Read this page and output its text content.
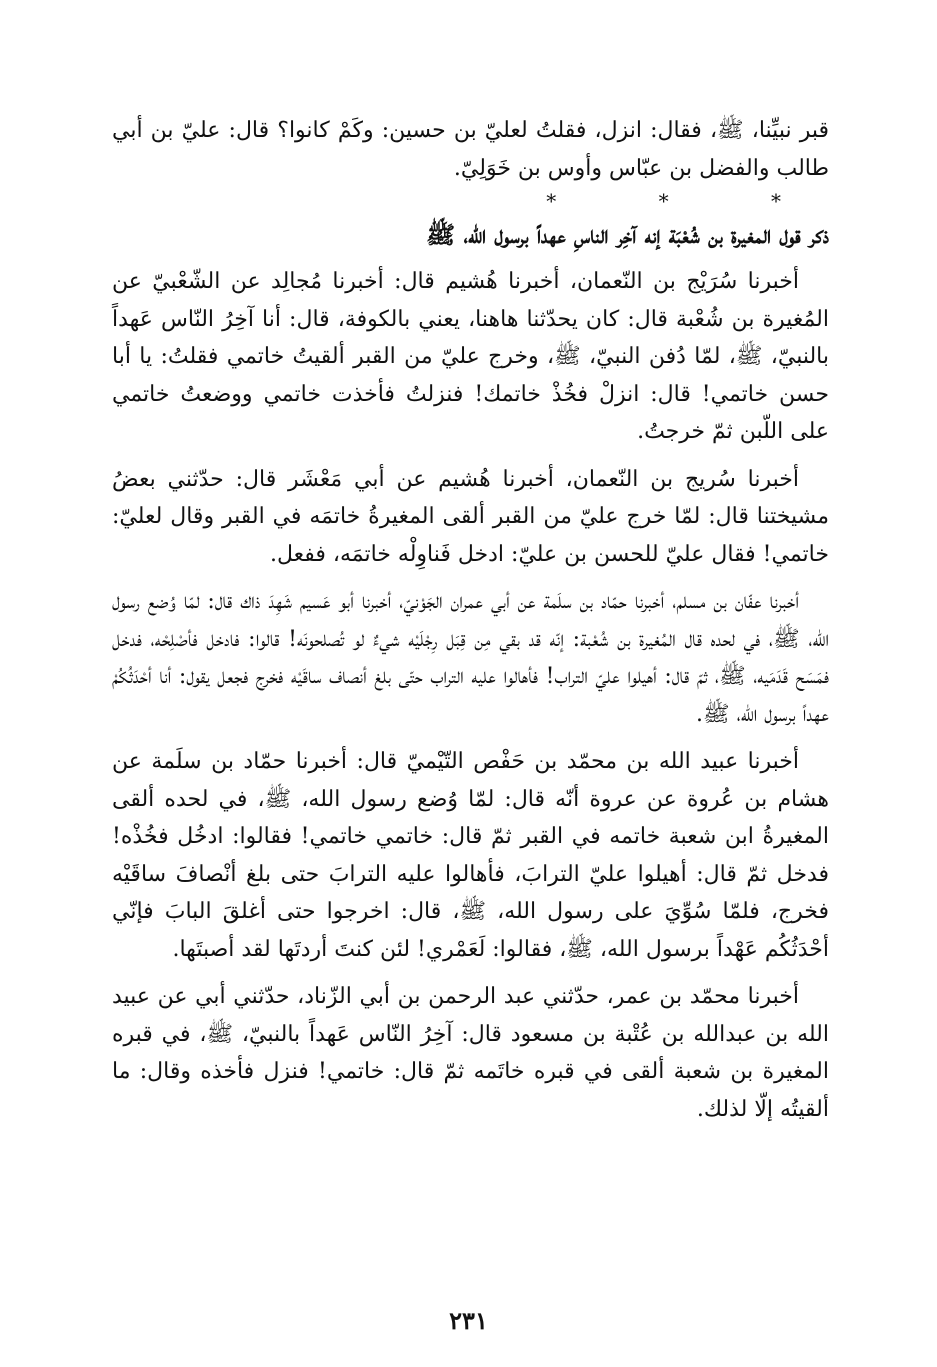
قبر نبيِّنا، ﷺ، فقال: انزل، فقلتُ لعليّ بن حسين: وكَمْ كانوا؟ قال: عليّ بن أبي طالب والفضل بن عبّاس وأوس بن خَوَلِيّ.

* * *

ذكر قول المغيرة بن شُعْبَة إنه آخِر الناسِ عهداً برسول الله، ﷺ

أخبرنا سُرَيْج بن النّعمان، أخبرنا هُشيم قال: أخبرنا مُجالِد عن الشّعْبيّ عن المُغيرة بن شُعْبة قال: كان يحدّثنا هاهنا، يعني بالكوفة، قال: أنا آخِرُ النّاس عَهداً بالنبيّ، ﷺ، لمّا دُفن النبيّ، ﷺ، وخرج عليّ من القبر ألقيتُ خاتمي فقلتُ: يا أبا حسن خاتمي! قال: انزلْ فخُذْ خاتمك! فنزلتُ فأخذت خاتمي ووضعتُ خاتمي على اللّبن ثمّ خرجتُ.

أخبرنا سُريج بن النّعمان، أخبرنا هُشيم عن أبي مَعْشَر قال: حدّثني بعضُ مشيختنا قال: لمّا خرج عليّ من القبر ألقى المغيرةُ خاتمَه في القبر وقال لعليّ: خاتمي! فقال عليّ للحسن بن عليّ: ادخل فَناوِلْه خاتمَه، ففعل.

أخبرنا عفّان بن مسلم، أخبرنا حمّاد بن سلَمة عن أبي عمران الجَوْنيّ، أخبرنا أبو عَسيم شَهِدَ ذاك قال: لمّا وُضع رسول الله، ﷺ، في لحده قال المُغيرة بن شُعْبة: إنّه قد بقي مِن قِبَل رِجْلَيْه شيءٌ لو تُصلحونَه! قالوا: فادخل فأصْلِحْه، فدخل فمَسَح قَدَمَيه، ﷺ، ثمّ قال: أهيلوا عليّ التراب! فأهالوا عليه التراب حتّى بلغ أنصاف ساقَيْه فخرج فجعل يقول: أنا أحْدَثُكُمْ عهداً برسول الله، ﷺ.

أخبرنا عبيد الله بن محمّد بن حَفْص التّيْميّ قال: أخبرنا حمّاد بن سلَمة عن هشام بن عُروة عن عروة أنّه قال: لمّا وُضع رسول الله، ﷺ، في لحده ألقى المغيرةُ ابن شعبة خاتمه في القبر ثمّ قال: خاتمي خاتمي! فقالوا: ادخُل فخُذْه! فدخل ثمّ قال: أهيلوا عليّ الترابَ، فأهالوا عليه الترابَ حتى بلغ أنْصافَ ساقَيْه فخرج، فلمّا سُوِّيَ على رسول الله، ﷺ، قال: اخرجوا حتى أغلقَ البابَ فإنّي أحْدَثُكُم عَهْداً برسول الله، ﷺ، فقالوا: لَعَمْري! لئن كنتَ أردتَها لقد أصبتَها.

أخبرنا محمّد بن عمر، حدّثني عبد الرحمن بن أبي الزّناد، حدّثني أبي عن عبيد الله بن عبدالله بن عُتْبة بن مسعود قال: آخِرُ النّاس عَهداً بالنبيّ، ﷺ، في قبره المغيرة بن شعبة ألقى في قبره خاتَمه ثمّ قال: خاتمي! فنزل فأخذه وقال: ما ألقيتُه إلّا لذلك.

٢٣١
